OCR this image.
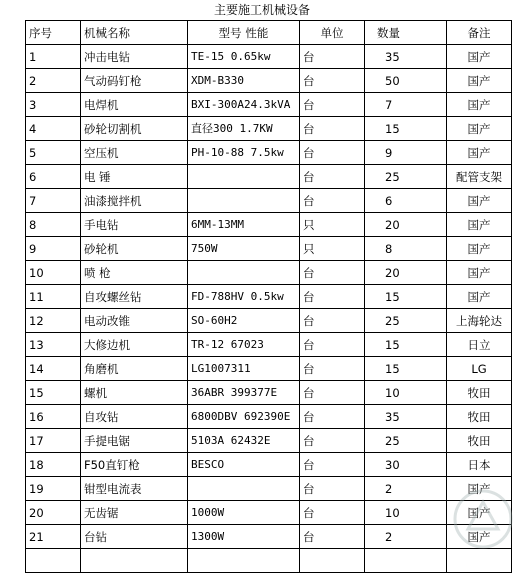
主要施工机械设备
序号	机械名称	型号 性能	单位	数量	备注
1	冲击电钻	TE-15 0.65kw	台	35	国产
2	气动码钉枪	XDM-B330	台	50	国产
3	电焊机	BXI-300A24.3kVA	台	7	国产
4	砂轮切割机	直径300 1.7KW	台	15	国产
5	空压机	PH-10-88 7.5kw	台	9	国产
6	电 锤		台	25	配管支架
7	油漆搅拌机		台	6	国产
8	手电钻	6MM-13MM	只	20	国产
9	砂轮机	750W	只	8	国产
10	喷 枪		台	20	国产
11	自攻螺丝钻	FD-788HV 0.5kw	台	15	国产
12	电动改锥	SO-60H2	台	25	上海轮达
13	大修边机	TR-12 67023	台	15	日立
14	角磨机	LG1007311	台	15	LG
15	螺机	36ABR 399377E	台	10	牧田
16	自攻钻	6800DBV 692390E	台	35	牧田
17	手提电锯	5103A 62432E	台	25	牧田
18	F50直钉枪	BESCO	台	30	日本
19	钳型电流表		台	2	国产
20	无齿锯	1000W	台	10	国产
21	台钻	1300W	台	2	国产
